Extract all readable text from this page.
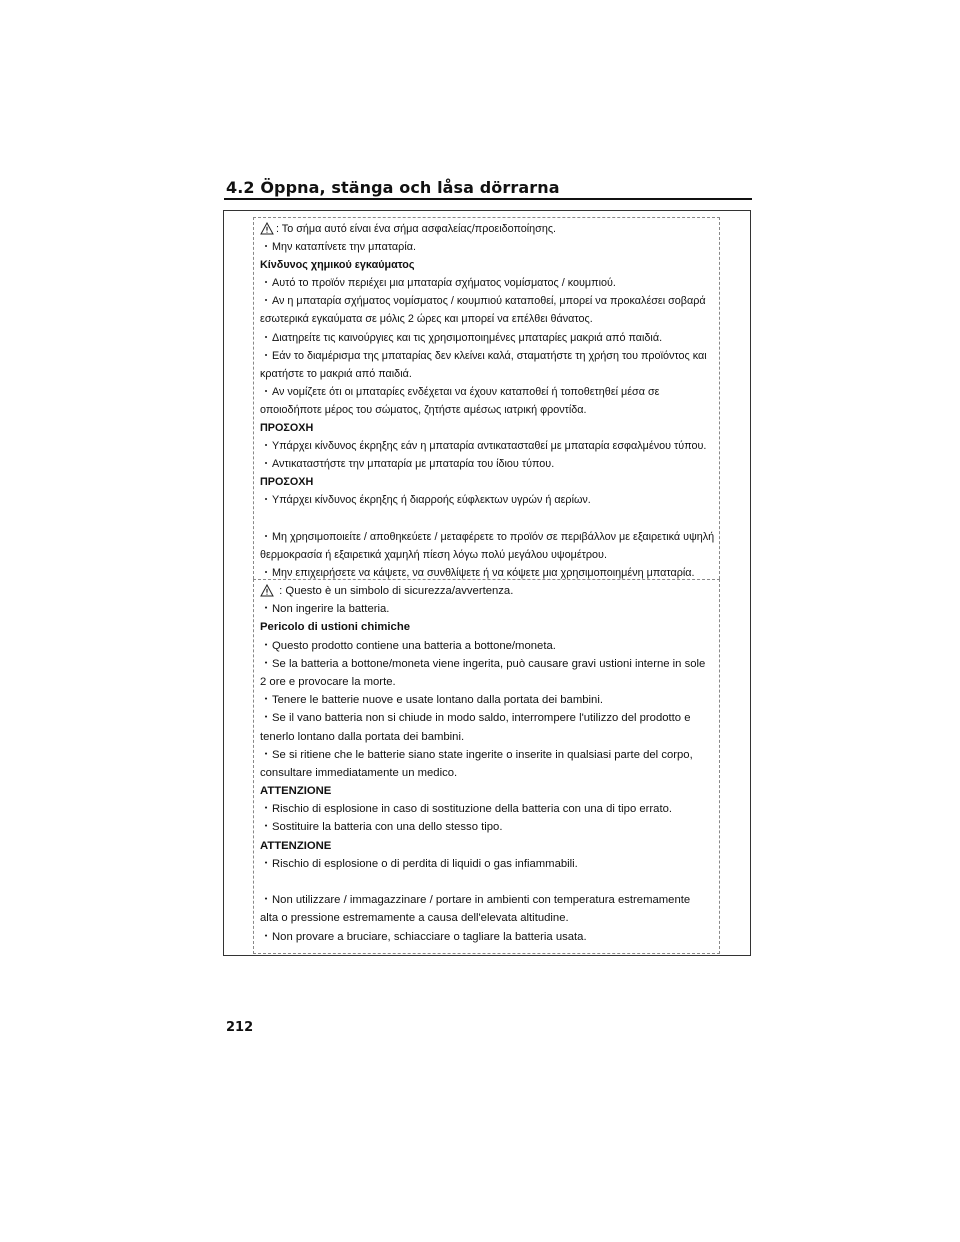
4.2 Öppna, stänga och låsa dörrarna
: Το σήμα αυτό είναι ένα σήμα ασφαλείας/προειδοποίησης.
・Μην καταπίνετε την μπαταρία.
Κίνδυνος χημικού εγκαύματος
・Αυτό το προϊόν περιέχει μια μπαταρία σχήματος νομίσματος / κουμπιού.
・Αν η μπαταρία σχήματος νομίσματος / κουμπιού καταποθεί, μπορεί να προκαλέσει σοβαρά
εσωτερικά εγκαύματα σε μόλις 2 ώρες και μπορεί να επέλθει θάνατος.
・Διατηρείτε τις καινούργιες και τις χρησιμοποιημένες μπαταρίες μακριά από παιδιά.
・Εάν το διαμέρισμα της μπαταρίας δεν κλείνει καλά, σταματήστε τη χρήση του προϊόντος και
κρατήστε το μακριά από παιδιά.
・Αν νομίζετε ότι οι μπαταρίες ενδέχεται να έχουν καταποθεί ή τοποθετηθεί μέσα σε
οποιοδήποτε μέρος του σώματος, ζητήστε αμέσως ιατρική φροντίδα.
ΠΡΟΣΟΧΗ
・Υπάρχει κίνδυνος έκρηξης εάν η μπαταρία αντικατασταθεί με μπαταρία εσφαλμένου τύπου.
・Αντικαταστήστε την μπαταρία με μπαταρία του ίδιου τύπου.
ΠΡΟΣΟΧΗ
・Υπάρχει κίνδυνος έκρηξης ή διαρροής εύφλεκτων υγρών ή αερίων.
・Μη χρησιμοποιείτε / αποθηκεύετε / μεταφέρετε το προϊόν σε περιβάλλον με εξαιρετικά υψηλή
θερμοκρασία ή εξαιρετικά χαμηλή πίεση λόγω πολύ μεγάλου υψομέτρου.
・Μην επιχειρήσετε να κάψετε, να συνθλίψετε ή να κόψετε μια χρησιμοποιημένη μπαταρία.
: Questo è un simbolo di sicurezza/avvertenza.
・Non ingerire la batteria.
Pericolo di ustioni chimiche
・Questo prodotto contiene una batteria a bottone/moneta.
・Se la batteria a bottone/moneta viene ingerita, può causare gravi ustioni interne in sole
2 ore e provocare la morte.
・Tenere le batterie nuove e usate lontano dalla portata dei bambini.
・Se il vano batteria non si chiude in modo saldo, interrompere l'utilizzo del prodotto e
tenerlo lontano dalla portata dei bambini.
・Se si ritiene che le batterie siano state ingerite o inserite in qualsiasi parte del corpo,
consultare immediatamente un medico.
ATTENZIONE
・Rischio di esplosione in caso di sostituzione della batteria con una di tipo errato.
・Sostituire la batteria con una dello stesso tipo.
ATTENZIONE
・Rischio di esplosione o di perdita di liquidi o gas infiammabili.
・Non utilizzare / immagazzinare / portare in ambienti con temperatura estremamente
alta o pressione estremamente a causa dell'elevata altitudine.
・Non provare a bruciare, schiacciare o tagliare la batteria usata.
212
